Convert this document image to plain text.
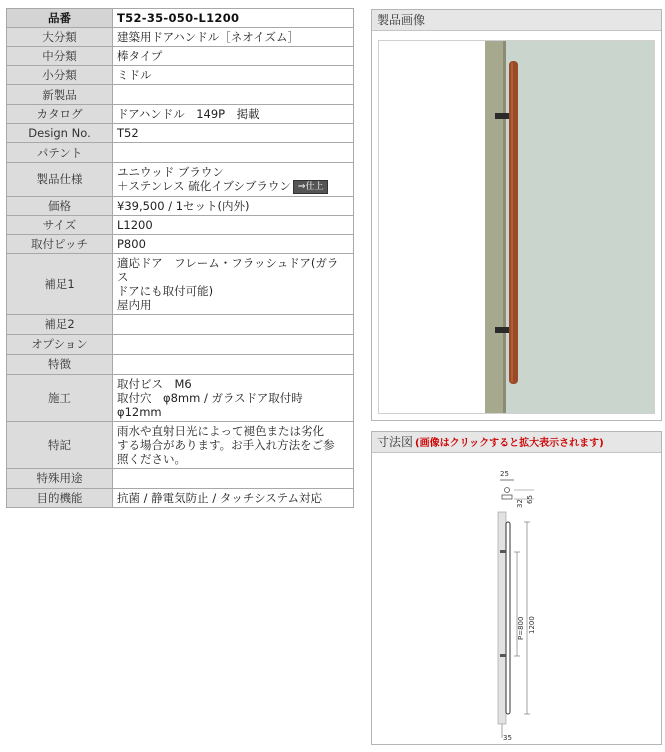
品番	T52-35-050-L1200
大分類	建築用ドアハンドル［ネオイズム］
中分類	棒タイプ
小分類	ミドル
新製品	
カタログ	ドアハンドル　149P　掲載
Design No.	T52
パテント	
製品仕様	ユニウッド ブラウン
＋ステンレス 硫化イブシブラウン ⇒仕上

価格	¥39,500 / 1セット(内外)
サイズ	L1200
取付ピッチ	P800
補足1	適応ドア　フレーム・フラッシュドア(ガラス
ドアにも取付可能)
屋内用

補足2	
オプション	
特徴	
施工	取付ビス　M6
取付穴　φ8mm / ガラスドア取付時
φ12mm

特記	雨水や直射日光によって褪色または劣化
する場合があります。お手入れ方法をご参
照ください。

特殊用途	
目的機能	抗菌 / 静電気防止 / タッチシステム対応
製品画像
寸法図 (画像はクリックすると拡大表示されます)
25
32 65
P=800 1200
35
